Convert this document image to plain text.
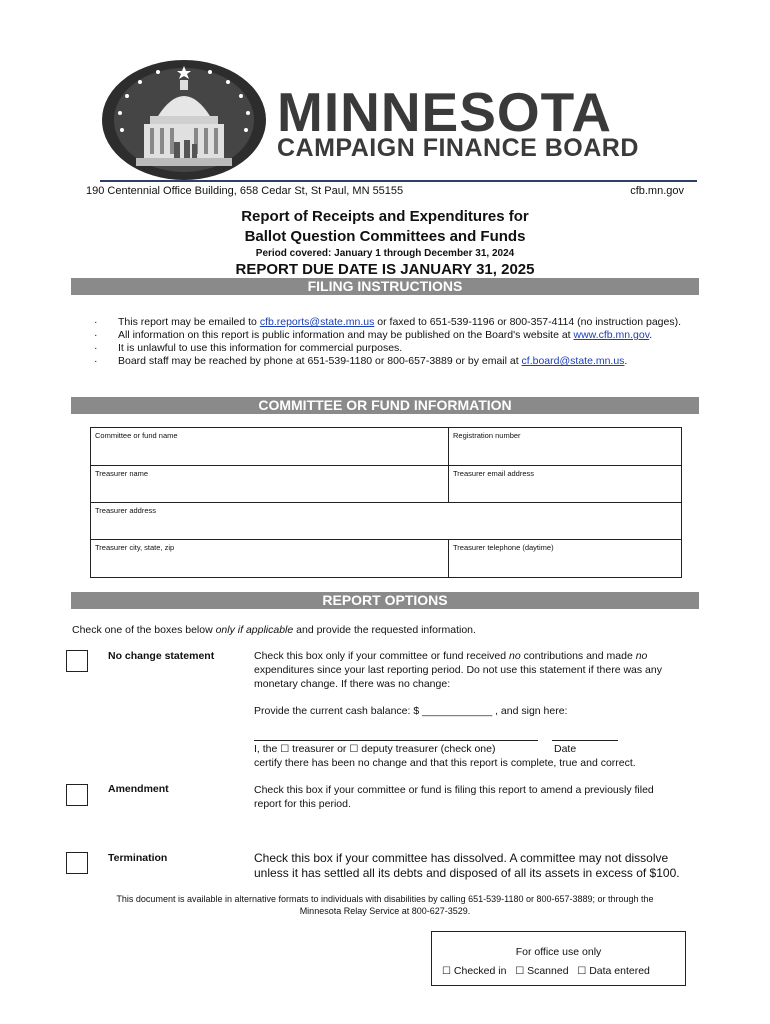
MINNESOTA
CAMPAIGN FINANCE BOARD
190 Centennial Office Building, 658 Cedar St, St Paul, MN 55155	cfb.mn.gov
Report of Receipts and Expenditures for
Ballot Question Committees and Funds
Period covered: January 1 through December 31, 2024
REPORT DUE DATE IS JANUARY 31, 2025
FILING INSTRUCTIONS
· This report may be emailed to cfb.reports@state.mn.us or faxed to 651-539-1196 or 800-357-4114 (no instruction pages).
· All information on this report is public information and may be published on the Board's website at www.cfb.mn.gov.
· It is unlawful to use this information for commercial purposes.
· Board staff may be reached by phone at 651-539-1180 or 800-657-3889 or by email at cf.board@state.mn.us.
COMMITTEE OR FUND INFORMATION
Committee or fund name	Registration number
Treasurer name	Treasurer email address
Treasurer address
Treasurer city, state, zip	Treasurer telephone (daytime)
REPORT OPTIONS
Check one of the boxes below only if applicable and provide the requested information.
No change statement	Check this box only if your committee or fund received no contributions and made no expenditures since your last reporting period. Do not use this statement if there was any monetary change. If there was no change:
Provide the current cash balance: $ ____________ , and sign here:
I, the ☐ treasurer or ☐ deputy treasurer (check one)	Date
certify there has been no change and that this report is complete, true and correct.
Amendment	Check this box if your committee or fund is filing this report to amend a previously filed report for this period.
Termination	Check this box if your committee has dissolved. A committee may not dissolve unless it has settled all its debts and disposed of all its assets in excess of $100.
This document is available in alternative formats to individuals with disabilities by calling 651-539-1180 or 800-657-3889; or through the
Minnesota Relay Service at 800-627-3529.
For office use only
☐ Checked in ☐ Scanned ☐ Data entered
